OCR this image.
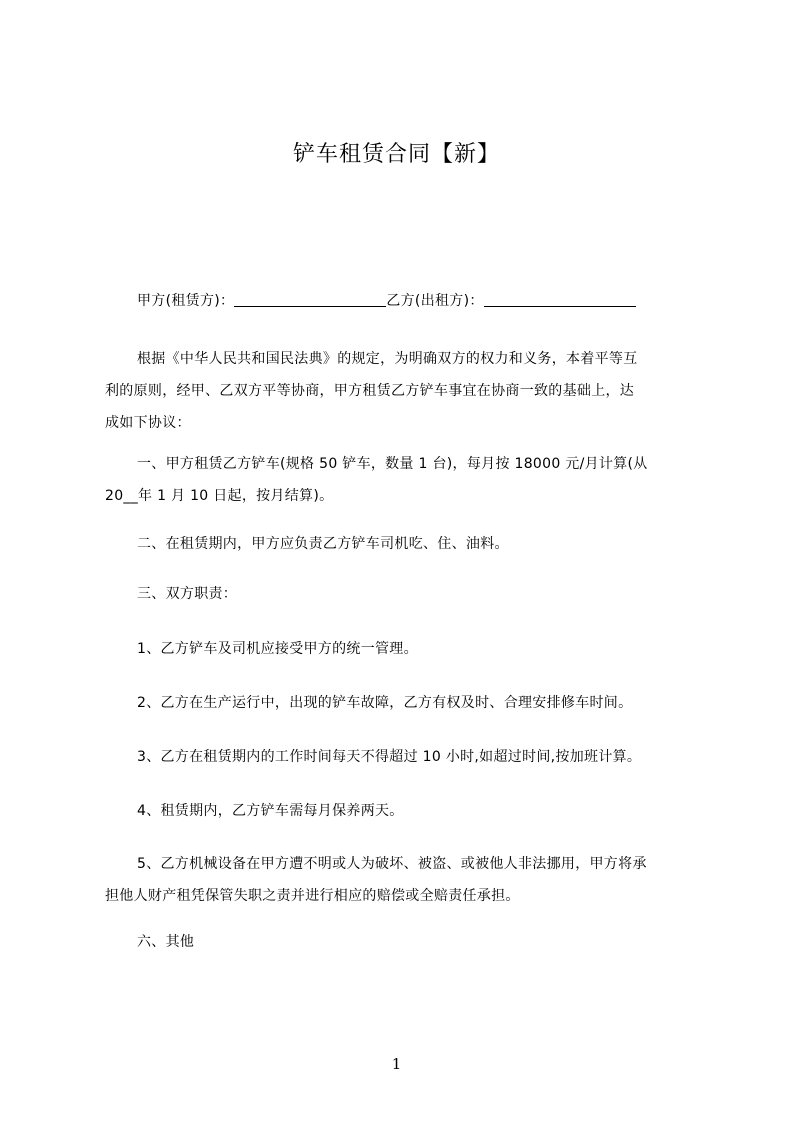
铲车租赁合同【新】
甲方(租赁方)：	乙方(出租方)：
根据《中华人民共和国民法典》的规定，为明确双方的权力和义务，本着平等互
利的原则，经甲、乙双方平等协商，甲方租赁乙方铲车事宜在协商一致的基础上，达
成如下协议：
一、甲方租赁乙方铲车(规格 50 铲车，数量 1 台)，每月按 18000 元/月计算(从
20__年 1 月 10 日起，按月结算)。
二、在租赁期内，甲方应负责乙方铲车司机吃、住、油料。
三、双方职责：
1、乙方铲车及司机应接受甲方的统一管理。
2、乙方在生产运行中，出现的铲车故障，乙方有权及时、合理安排修车时间。
3、乙方在租赁期内的工作时间每天不得超过 10 小时,如超过时间,按加班计算。
4、租赁期内，乙方铲车需每月保养两天。
5、乙方机械设备在甲方遭不明或人为破坏、被盗、或被他人非法挪用，甲方将承
担他人财产租凭保管失职之责并进行相应的赔偿或全赔责任承担。
六、其他
1
